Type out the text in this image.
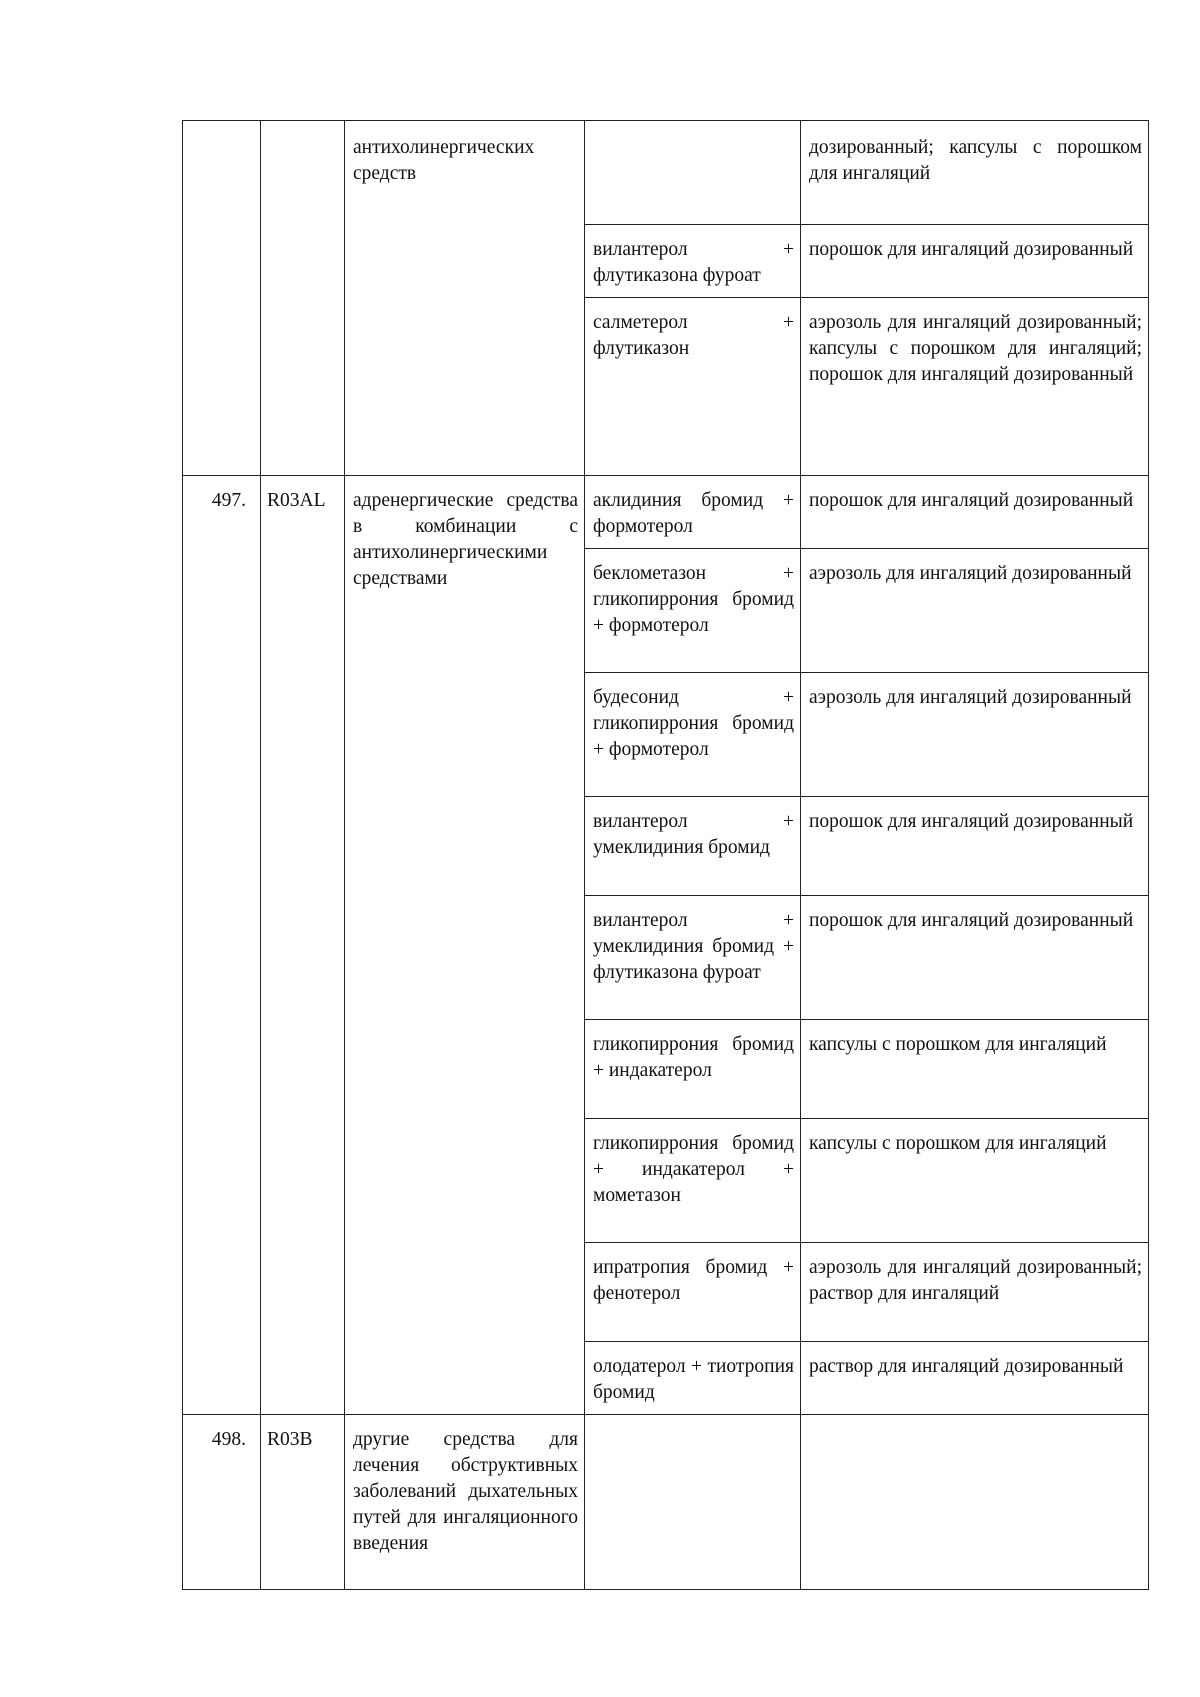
		антихолинергических средств		дозированный; капсулы с порошком для ингаляций
			вилантерол + флутиказона фуроат	порошок для ингаляций дозированный
			салметерол + флутиказон	аэрозоль для ингаляций дозированный; капсулы с порошком для ингаляций; порошок для ингаляций дозированный
497.	R03AL	адренергические средства в комбинации с антихолинергическими средствами	аклидиния бромид + формотерол	порошок для ингаляций дозированный
			беклометазон + гликопиррония бромид + формотерол	аэрозоль для ингаляций дозированный
			будесонид + гликопиррония бромид + формотерол	аэрозоль для ингаляций дозированный
			вилантерол + умеклидиния бромид	порошок для ингаляций дозированный
			вилантерол + умеклидиния бромид + флутиказона фуроат	порошок для ингаляций дозированный
			гликопиррония бромид + индакатерол	капсулы с порошком для ингаляций
			гликопиррония бромид + индакатерол + мометазон	капсулы с порошком для ингаляций
			ипратропия бромид + фенотерол	аэрозоль для ингаляций дозированный; раствор для ингаляций
			олодатерол + тиотропия бромид	раствор для ингаляций дозированный
498.	R03B	другие средства для лечения обструктивных заболеваний дыхательных путей для ингаляционного введения		
